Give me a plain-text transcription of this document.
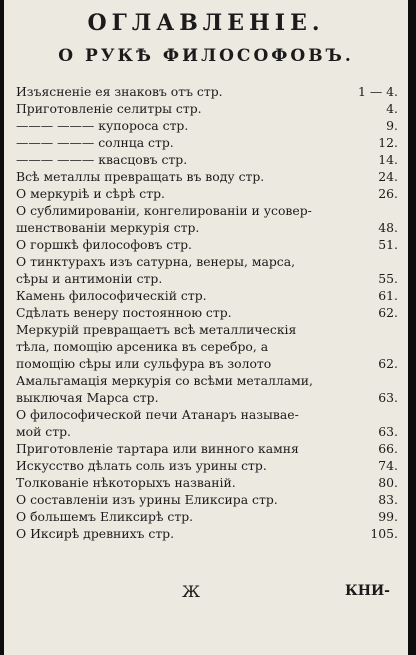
ОГЛАВЛЕНІЕ.
О РУКѢ ФИЛОСОФОВЪ.
Изъясненіе ея знаковъ отъ стр.	1 — 4.
Приготовленіе селитры стр.	4.
——— ——— купороса стр.	9.
——— ——— солнца стр.	12.
——— ——— квасцовъ стр.	14.
Всѣ металлы превращать въ воду стр.	24.
О меркуріѣ и сѣрѣ стр.	26.
О сублимированіи, конгелированіи и усовер-
шенствованіи меркурія стр.	48.
О горшкѣ философовъ стр.	51.
О тинктурахъ изъ сатурна, венеры, марса,
сѣры и антимоніи стр.	55.
Камень философическій стр.	61.
Сдѣлать венеру постоянною стр.	62.
Меркурій превращаетъ всѣ металлическія
тѣла, помощію арсеника въ серебро, а
помощію сѣры или сульфура въ золото	62.
Амальгамація меркурія со всѣми металлами,
выключая Марса стр.	63.
О философической печи Атанаръ называе-
мой стр.	63.
Приготовленіе тартара или винного камня	66.
Искусство дѣлать соль изъ урины стр.	74.
Толкованіе нѣкоторыхъ названій.	80.
О составленіи изъ урины Еликсира стр.	83.
О большемъ Еликсирѣ стр.	99.
О Иксирѣ древнихъ стр.	105.
Ж	КНИ-
